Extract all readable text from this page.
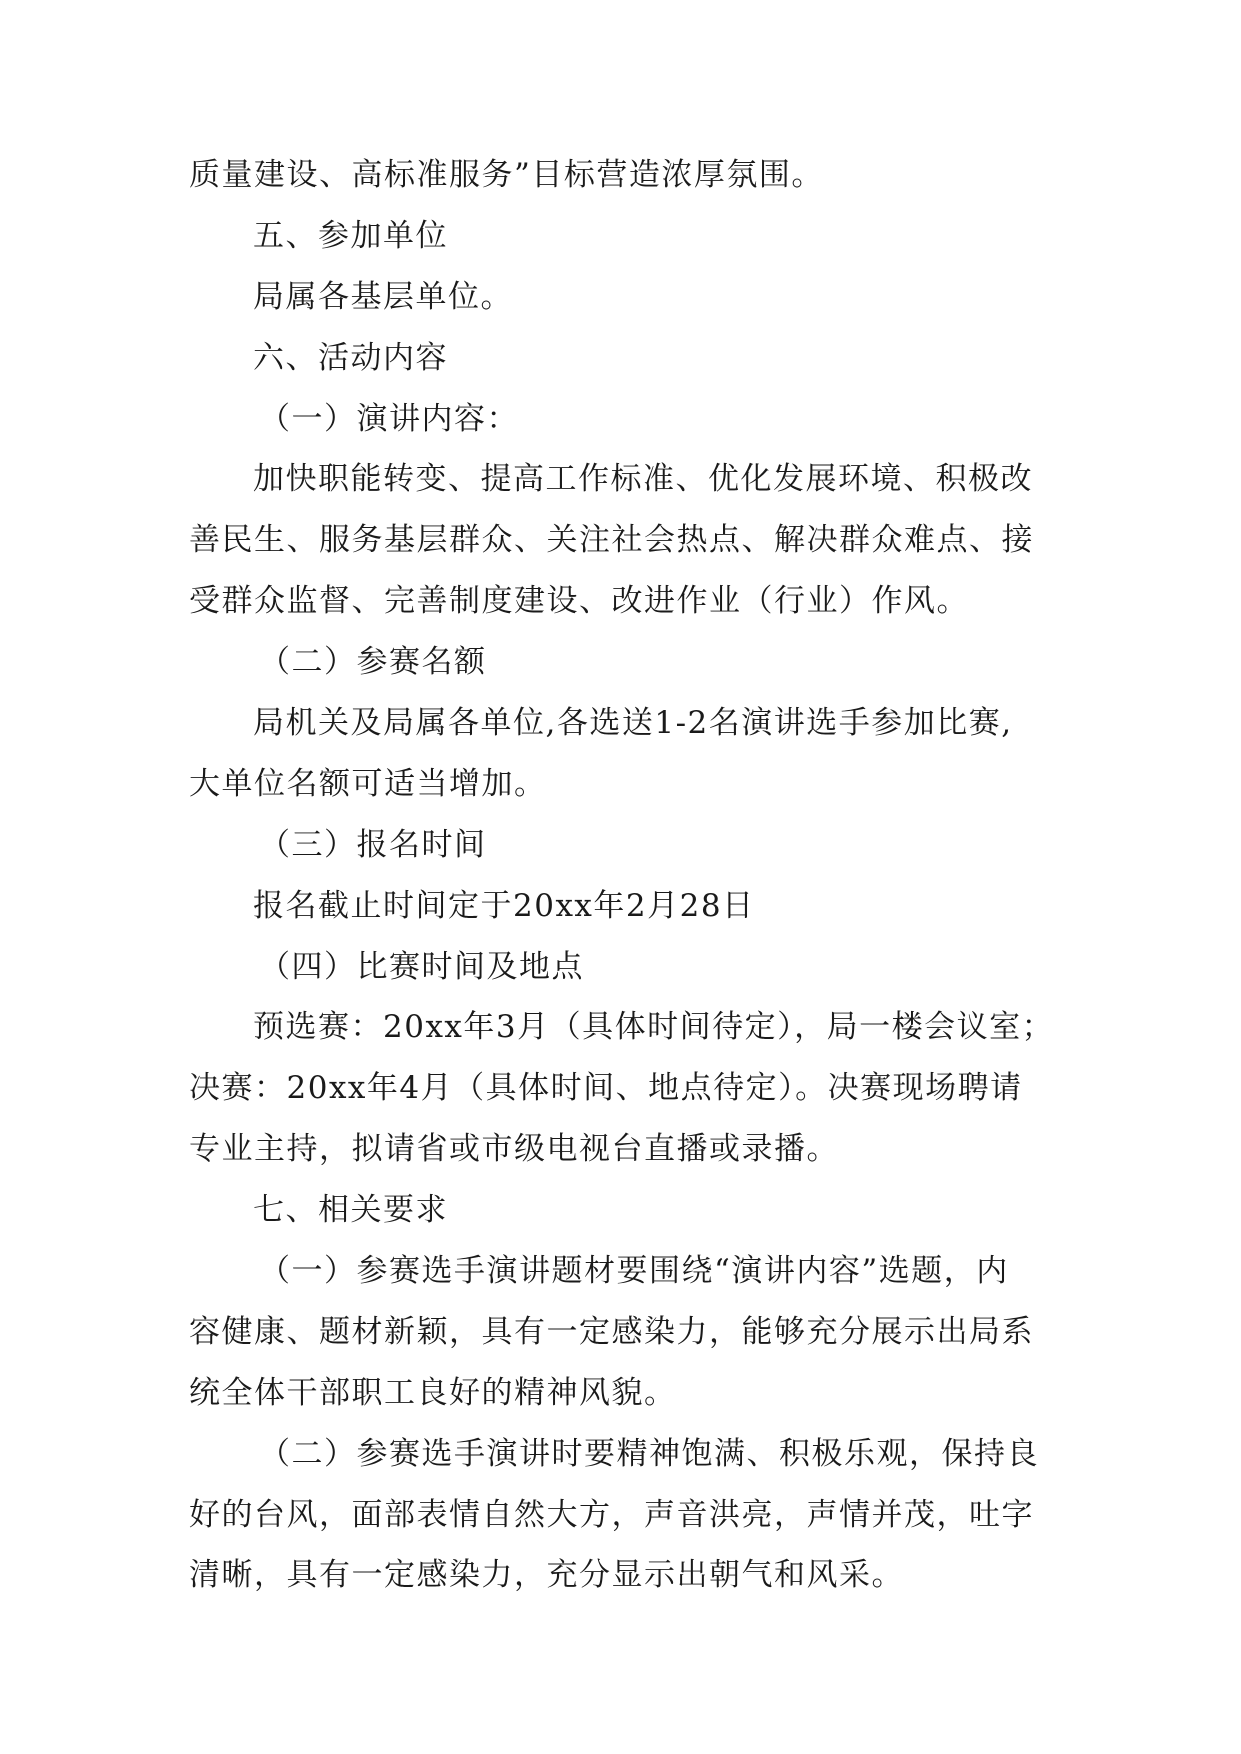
质量建设、高标准服务”目标营造浓厚氛围。
五、参加单位
局属各基层单位。
六、活动内容
（一）演讲内容：
加快职能转变、提高工作标准、优化发展环境、积极改
善民生、服务基层群众、关注社会热点、解决群众难点、接
受群众监督、完善制度建设、改进作业（行业）作风。
（二）参赛名额
局机关及局属各单位,各选送1-2名演讲选手参加比赛,
大单位名额可适当增加。
（三）报名时间
报名截止时间定于20xx年2月28日
（四）比赛时间及地点
预选赛：20xx年3月（具体时间待定），局一楼会议室；
决赛：20xx年4月（具体时间、地点待定）。决赛现场聘请
专业主持，拟请省或市级电视台直播或录播。
七、相关要求
（一）参赛选手演讲题材要围绕“演讲内容”选题，内
容健康、题材新颖，具有一定感染力，能够充分展示出局系
统全体干部职工良好的精神风貌。
（二）参赛选手演讲时要精神饱满、积极乐观，保持良
好的台风，面部表情自然大方，声音洪亮，声情并茂，吐字
清晰，具有一定感染力，充分显示出朝气和风采。
